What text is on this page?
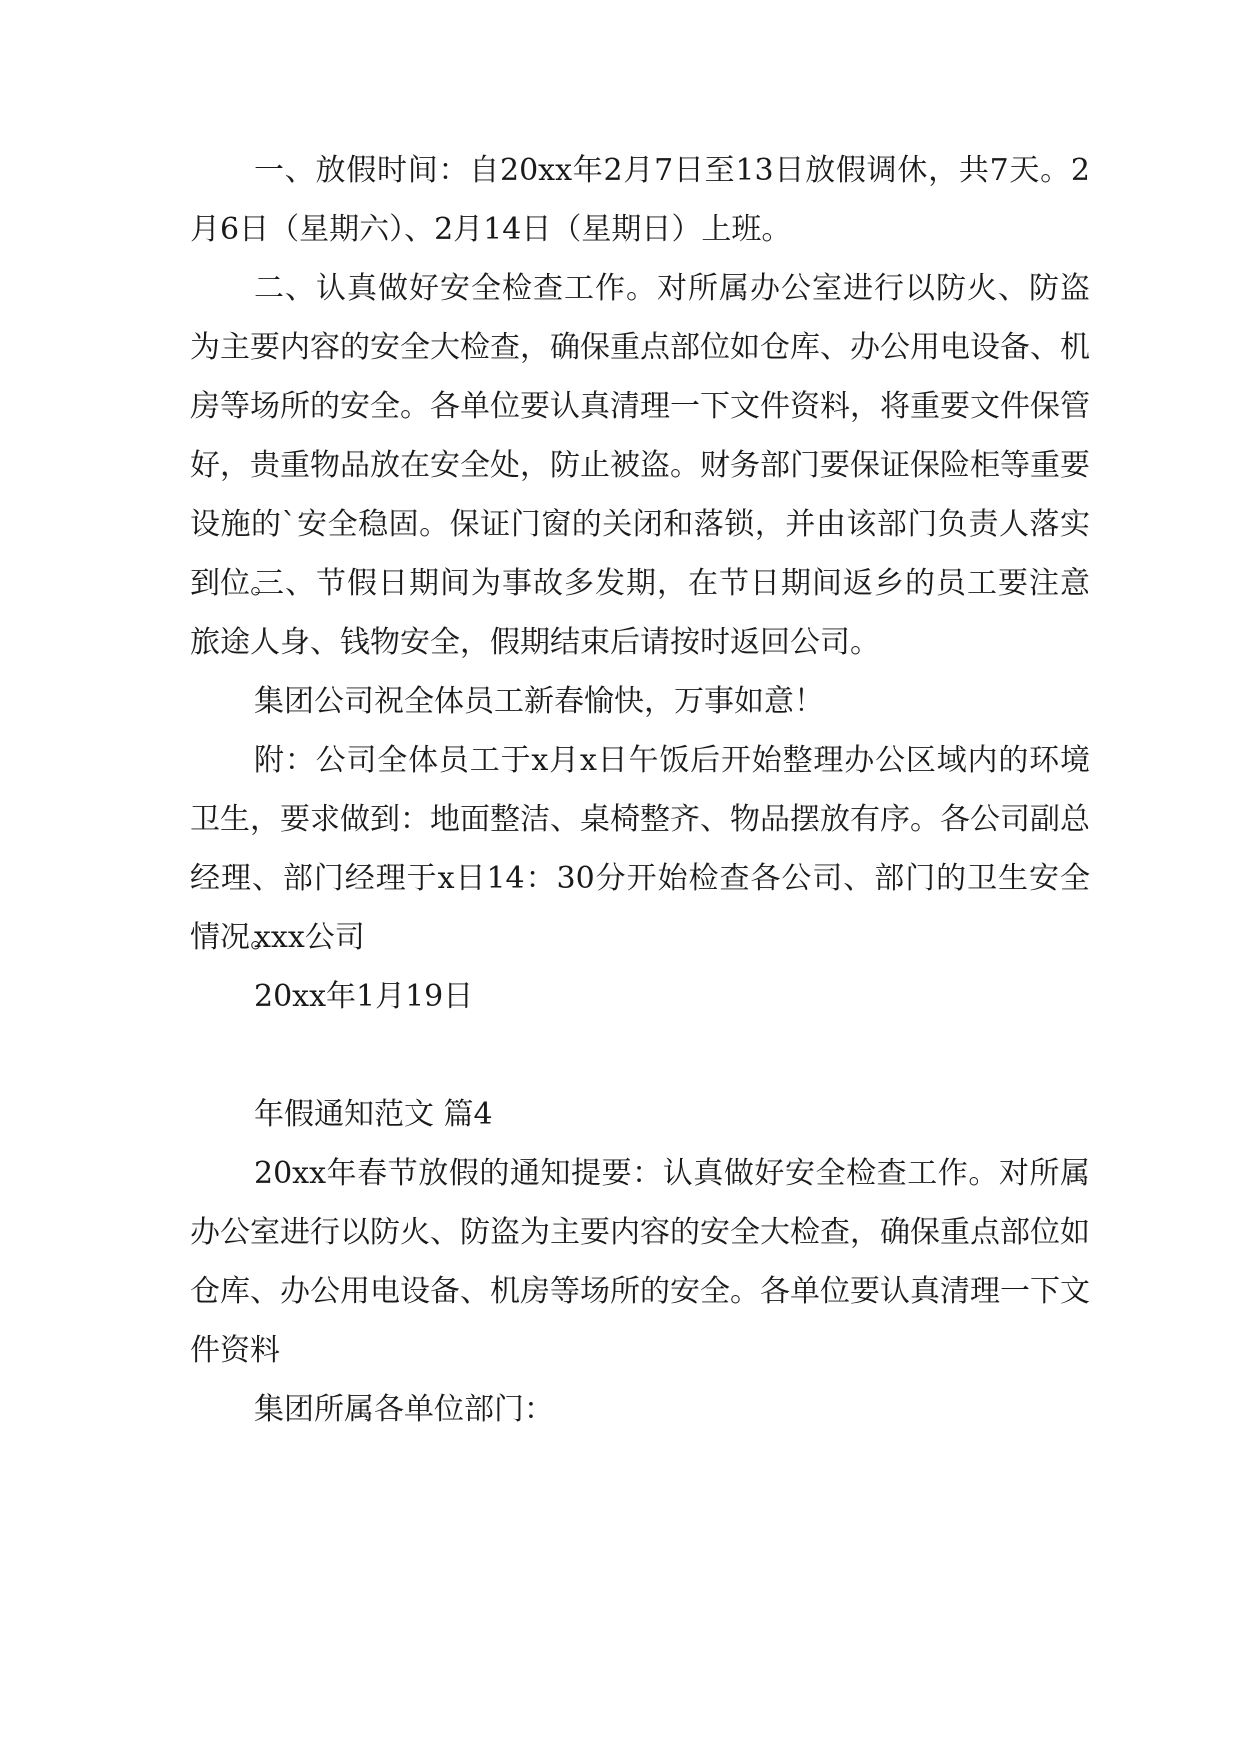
一、放假时间：自20xx年2月7日至13日放假调休，共7天。2月6日（星期六）、2月14日（星期日）上班。

二、认真做好安全检查工作。对所属办公室进行以防火、防盗为主要内容的安全大检查，确保重点部位如仓库、办公用电设备、机房等场所的安全。各单位要认真清理一下文件资料，将重要文件保管好，贵重物品放在安全处，防止被盗。财务部门要保证保险柜等重要设施的`安全稳固。保证门窗的关闭和落锁，并由该部门负责人落实到位。

三、节假日期间为事故多发期，在节日期间返乡的员工要注意旅途人身、钱物安全，假期结束后请按时返回公司。

集团公司祝全体员工新春愉快，万事如意！

附：公司全体员工于x月x日午饭后开始整理办公区域内的环境卫生，要求做到：地面整洁、桌椅整齐、物品摆放有序。各公司副总经理、部门经理于x日14：30分开始检查各公司、部门的卫生安全情况。

xxx公司

20xx年1月19日

年假通知范文 篇4

20xx年春节放假的通知提要：认真做好安全检查工作。对所属办公室进行以防火、防盗为主要内容的安全大检查，确保重点部位如仓库、办公用电设备、机房等场所的安全。各单位要认真清理一下文件资料

集团所属各单位部门：
